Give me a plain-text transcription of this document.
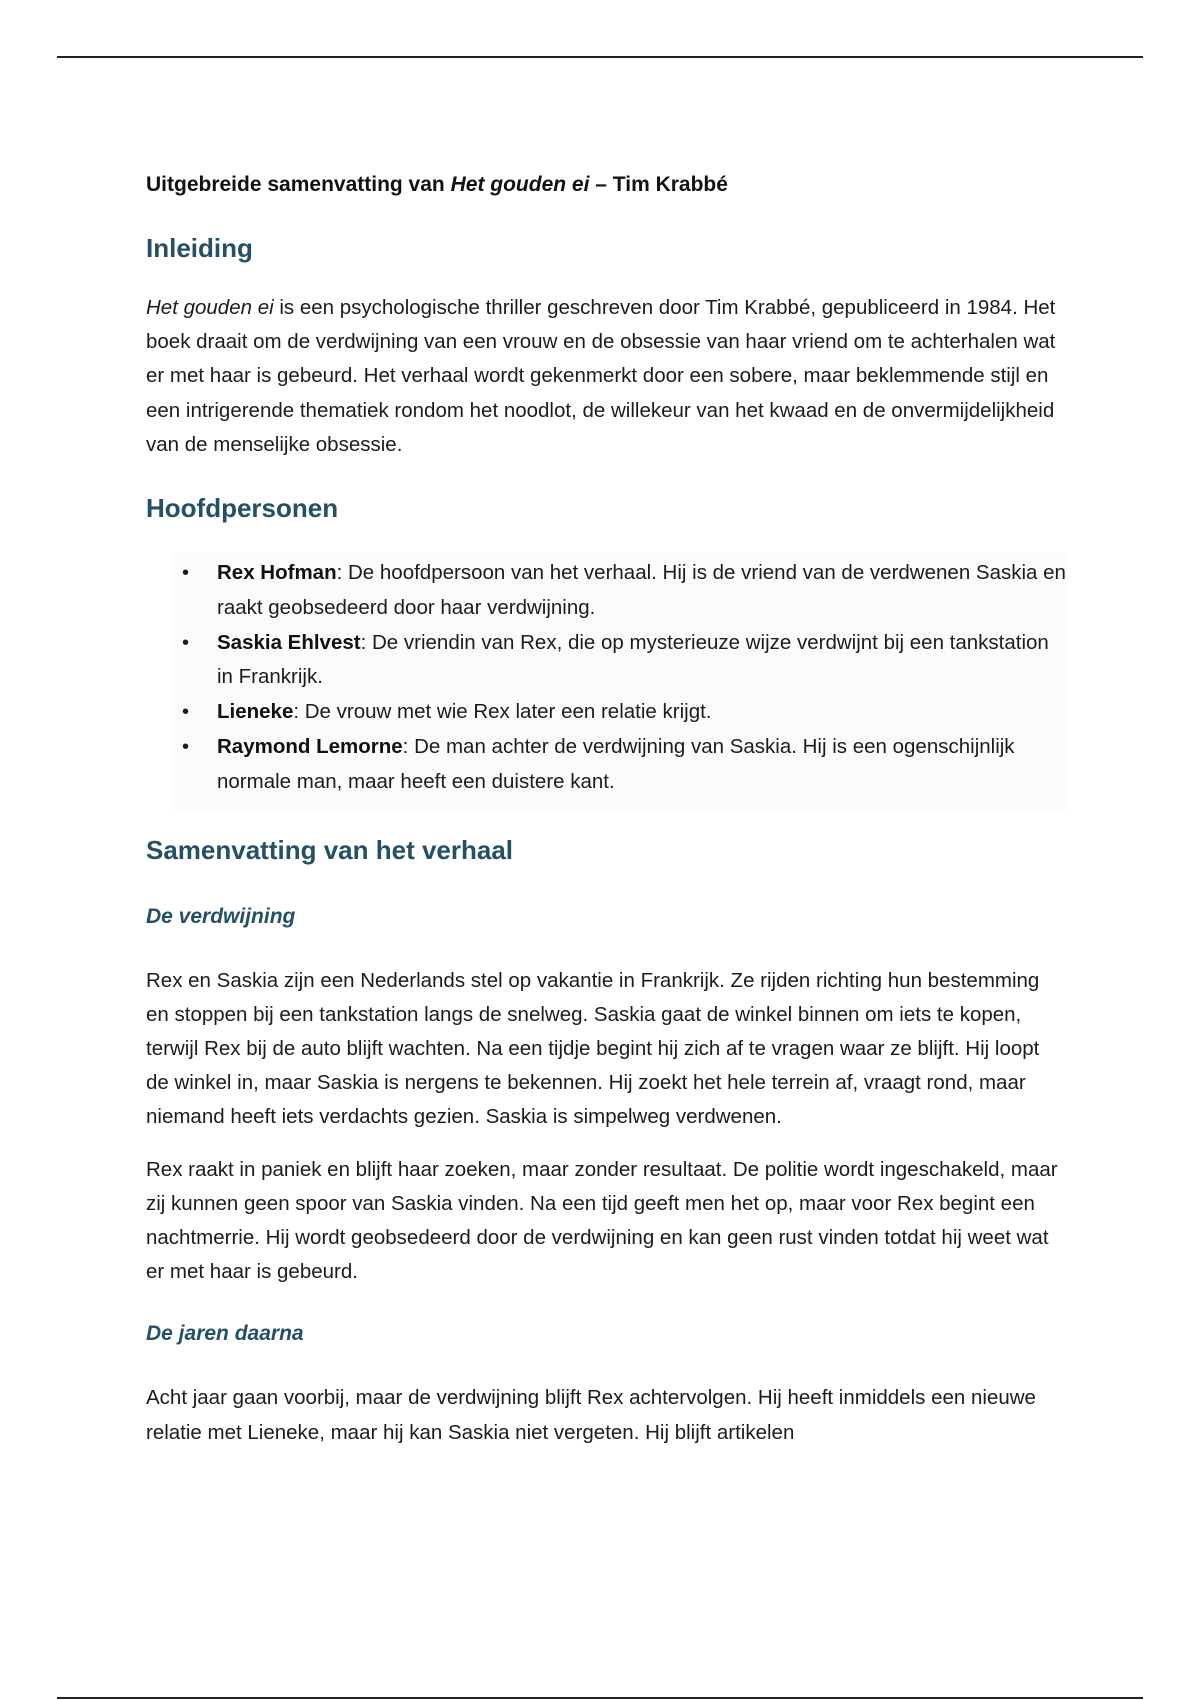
Uitgebreide samenvatting van Het gouden ei – Tim Krabbé
Inleiding

Het gouden ei is een psychologische thriller geschreven door Tim Krabbé, gepubliceerd in 1984. Het boek draait om de verdwijning van een vrouw en de obsessie van haar vriend om te achterhalen wat er met haar is gebeurd. Het verhaal wordt gekenmerkt door een sobere, maar beklemmende stijl en een intrigerende thematiek rondom het noodlot, de willekeur van het kwaad en de onvermijdelijkheid van de menselijke obsessie.

Hoofdpersonen
• Rex Hofman: De hoofdpersoon van het verhaal. Hij is de vriend van de verdwenen Saskia en raakt geobsedeerd door haar verdwijning.
• Saskia Ehlvest: De vriendin van Rex, die op mysterieuze wijze verdwijnt bij een tankstation in Frankrijk.
• Lieneke: De vrouw met wie Rex later een relatie krijgt.
• Raymond Lemorne: De man achter de verdwijning van Saskia. Hij is een ogenschijnlijk normale man, maar heeft een duistere kant.
Samenvatting van het verhaal
De verdwijning

Rex en Saskia zijn een Nederlands stel op vakantie in Frankrijk. Ze rijden richting hun bestemming en stoppen bij een tankstation langs de snelweg. Saskia gaat de winkel binnen om iets te kopen, terwijl Rex bij de auto blijft wachten. Na een tijdje begint hij zich af te vragen waar ze blijft. Hij loopt de winkel in, maar Saskia is nergens te bekennen. Hij zoekt het hele terrein af, vraagt rond, maar niemand heeft iets verdachts gezien. Saskia is simpelweg verdwenen.

Rex raakt in paniek en blijft haar zoeken, maar zonder resultaat. De politie wordt ingeschakeld, maar zij kunnen geen spoor van Saskia vinden. Na een tijd geeft men het op, maar voor Rex begint een nachtmerrie. Hij wordt geobsedeerd door de verdwijning en kan geen rust vinden totdat hij weet wat er met haar is gebeurd.

De jaren daarna

Acht jaar gaan voorbij, maar de verdwijning blijft Rex achtervolgen. Hij heeft inmiddels een nieuwe relatie met Lieneke, maar hij kan Saskia niet vergeten. Hij blijft artikelen
